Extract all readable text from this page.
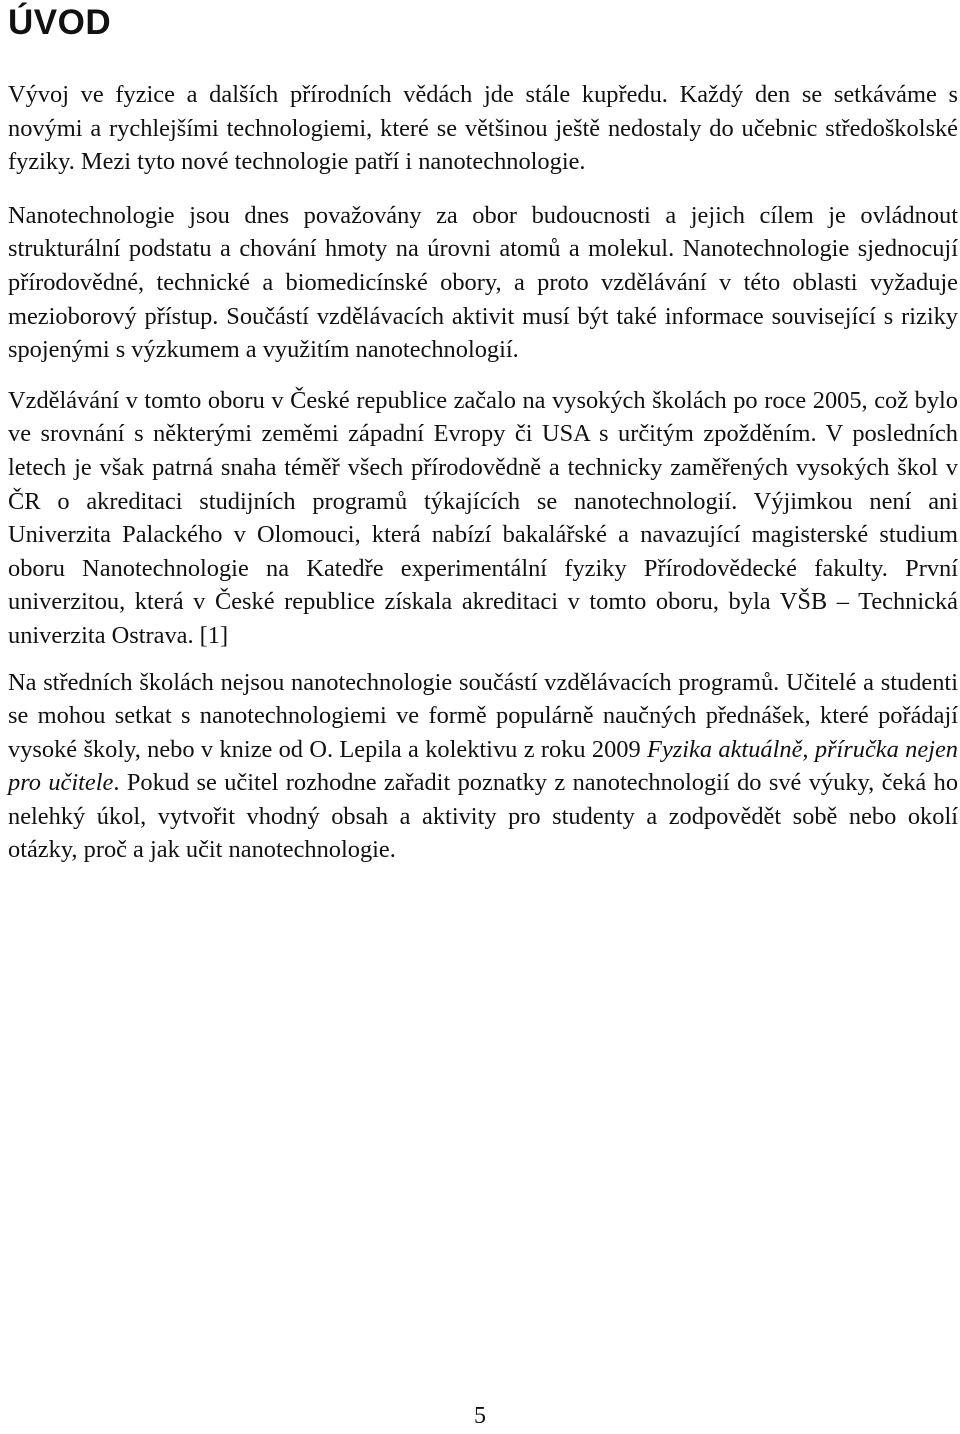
ÚVOD

Vývoj ve fyzice a dalších přírodních vědách jde stále kupředu. Každý den se setkáváme s novými a rychlejšími technologiemi, které se většinou ještě nedostaly do učebnic středoškolské fyziky. Mezi tyto nové technologie patří i nanotechnologie.

Nanotechnologie jsou dnes považovány za obor budoucnosti a jejich cílem je ovládnout strukturální podstatu a chování hmoty na úrovni atomů a molekul. Nanotechnologie sjednocují přírodovědné, technické a biomedicínské obory, a proto vzdělávání v této oblasti vyžaduje mezioborový přístup. Součástí vzdělávacích aktivit musí být také informace související s riziky spojenými s výzkumem a využitím nanotechnologií.

Vzdělávání v tomto oboru v České republice začalo na vysokých školách po roce 2005, což bylo ve srovnání s některými zeměmi západní Evropy či USA s určitým zpožděním. V posledních letech je však patrná snaha téměř všech přírodovědně a technicky zaměřených vysokých škol v ČR o akreditaci studijních programů týkajících se nanotechnologií. Výjimkou není ani Univerzita Palackého v Olomouci, která nabízí bakalářské a navazující magisterské studium oboru Nanotechnologie na Katedře experimentální fyziky Přírodovědecké fakulty. První univerzitou, která v České republice získala akreditaci v tomto oboru, byla VŠB – Technická univerzita Ostrava. [1]

Na středních školách nejsou nanotechnologie součástí vzdělávacích programů. Učitelé a studenti se mohou setkat s nanotechnologiemi ve formě populárně naučných přednášek, které pořádají vysoké školy, nebo v knize od O. Lepila a kolektivu z roku 2009 Fyzika aktuálně, příručka nejen pro učitele. Pokud se učitel rozhodne zařadit poznatky z nanotechnologií do své výuky, čeká ho nelehký úkol, vytvořit vhodný obsah a aktivity pro studenty a zodpovědět sobě nebo okolí otázky, proč a jak učit nanotechnologie.

5
